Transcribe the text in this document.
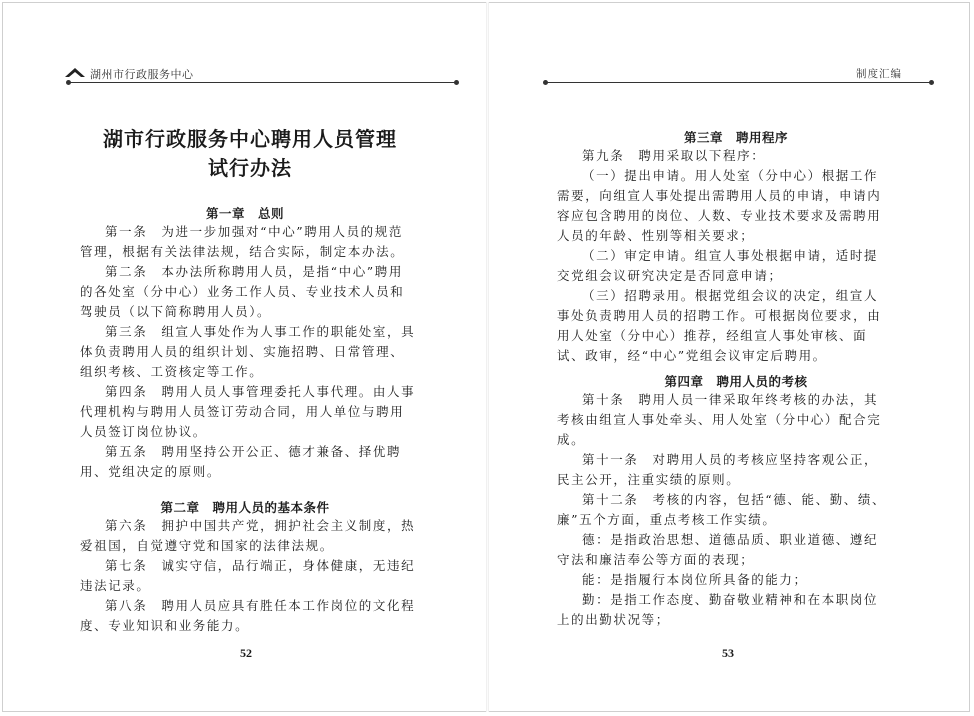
湖州市行政服务中心
湖市行政服务中心聘用人员管理
试行办法
第一章　总则
第一条　为进一步加强对“中心”聘用人员的规范
管理，根据有关法律法规，结合实际，制定本办法。
第二条　本办法所称聘用人员，是指“中心”聘用
的各处室（分中心）业务工作人员、专业技术人员和
驾驶员（以下简称聘用人员）。
第三条　组宣人事处作为人事工作的职能处室，具
体负责聘用人员的组织计划、实施招聘、日常管理、
组织考核、工资核定等工作。
第四条　聘用人员人事管理委托人事代理。由人事
代理机构与聘用人员签订劳动合同，用人单位与聘用
人员签订岗位协议。
第五条　聘用坚持公开公正、德才兼备、择优聘
用、党组决定的原则。
第二章　聘用人员的基本条件
第六条　拥护中国共产党，拥护社会主义制度，热
爱祖国，自觉遵守党和国家的法律法规。
第七条　诚实守信，品行端正，身体健康，无违纪
违法记录。
第八条　聘用人员应具有胜任本工作岗位的文化程
度、专业知识和业务能力。
52
制度汇编
第三章　聘用程序
第九条　聘用采取以下程序：
（一）提出申请。用人处室（分中心）根据工作
需要，向组宣人事处提出需聘用人员的申请，申请内
容应包含聘用的岗位、人数、专业技术要求及需聘用
人员的年龄、性别等相关要求；
（二）审定申请。组宣人事处根据申请，适时提
交党组会议研究决定是否同意申请；
（三）招聘录用。根据党组会议的决定，组宣人
事处负责聘用人员的招聘工作。可根据岗位要求，由
用人处室（分中心）推荐，经组宣人事处审核、面
试、政审，经“中心”党组会议审定后聘用。
第四章　聘用人员的考核
第十条　聘用人员一律采取年终考核的办法，其
考核由组宣人事处牵头、用人处室（分中心）配合完
成。
第十一条　对聘用人员的考核应坚持客观公正，
民主公开，注重实绩的原则。
第十二条　考核的内容，包括“德、能、勤、绩、
廉”五个方面，重点考核工作实绩。
德：是指政治思想、道德品质、职业道德、遵纪
守法和廉洁奉公等方面的表现；
能：是指履行本岗位所具备的能力；
勤：是指工作态度、勤奋敬业精神和在本职岗位
上的出勤状况等；
53
